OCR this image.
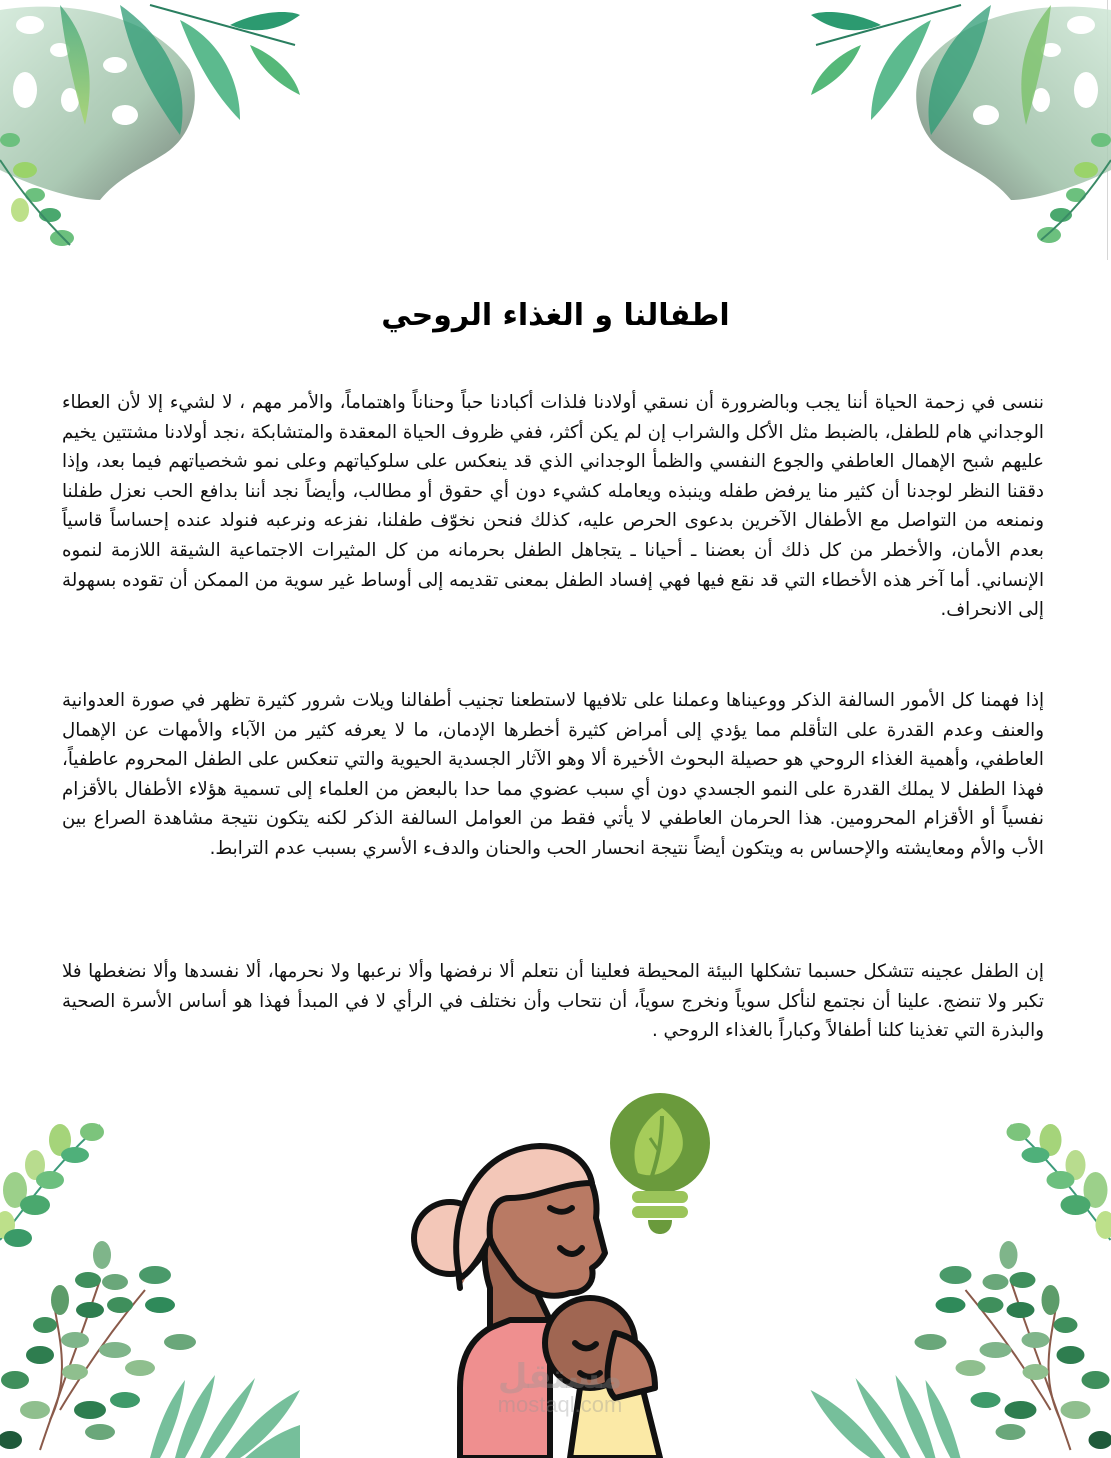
اطفالنا و الغذاء الروحي

ننسى في زحمة الحياة أننا يجب وبالضرورة أن نسقي أولادنا فلذات أكبادنا حباً وحناناً واهتماماً، والأمر مهم ، لا لشيء إلا لأن العطاء الوجداني هام للطفل، بالضبط مثل الأكل والشراب إن لم يكن أكثر، ففي ظروف الحياة المعقدة والمتشابكة ،نجد أولادنا مشتتين يخيم عليهم شبح الإهمال العاطفي والجوع النفسي والظمأ الوجداني الذي قد ينعكس على سلوكياتهم وعلى نمو شخصياتهم فيما بعد، وإذا دققنا النظر لوجدنا أن كثير منا يرفض طفله وينبذه ويعامله كشيء دون أي حقوق أو مطالب، وأيضاً نجد أننا بدافع الحب نعزل طفلنا ونمنعه من التواصل مع الأطفال الآخرين بدعوى الحرص عليه، كذلك فنحن نخوّف طفلنا، نفزعه ونرعبه فنولد عنده إحساساً قاسياً بعدم الأمان، والأخطر من كل ذلك أن بعضنا ـ أحيانا ـ يتجاهل الطفل بحرمانه من كل المثيرات الاجتماعية الشيقة اللازمة لنموه الإنساني. أما آخر هذه الأخطاء التي قد نقع فيها فهي إفساد الطفل بمعنى تقديمه إلى أوساط غير سوية من الممكن أن تقوده بسهولة إلى الانحراف.

إذا فهمنا كل الأمور السالفة الذكر ووعيناها وعملنا على تلافيها لاستطعنا تجنيب أطفالنا ويلات شرور كثيرة تظهر في صورة العدوانية والعنف وعدم القدرة على التأقلم مما يؤدي إلى أمراض كثيرة أخطرها الإدمان، ما لا يعرفه كثير من الآباء والأمهات عن الإهمال العاطفي، وأهمية الغذاء الروحي هو حصيلة البحوث الأخيرة ألا وهو الآثار الجسدية الحيوية والتي تنعكس على الطفل المحروم عاطفياً، فهذا الطفل لا يملك القدرة على النمو الجسدي دون أي سبب عضوي مما حدا بالبعض من العلماء إلى تسمية هؤلاء الأطفال بالأقزام نفسياً أو الأقزام المحرومين. هذا الحرمان العاطفي لا يأتي فقط من العوامل السالفة الذكر لكنه يتكون نتيجة مشاهدة الصراع بين الأب والأم ومعايشته والإحساس به ويتكون أيضاً نتيجة انحسار الحب والحنان والدفء الأسري بسبب عدم الترابط.

إن الطفل عجينه تتشكل حسبما تشكلها البيئة المحيطة فعلينا أن نتعلم ألا نرفضها وألا نرعبها ولا نحرمها، ألا نفسدها وألا نضغطها فلا تكبر ولا تنضج. علينا أن نجتمع لنأكل سوياً ونخرج سوياً، أن نتحاب وأن نختلف في الرأي لا في المبدأ فهذا هو أساس الأسرة الصحية والبذرة التي تغذينا كلنا أطفالاً وكباراً بالغذاء الروحي .

مستقل
mostaql.com
